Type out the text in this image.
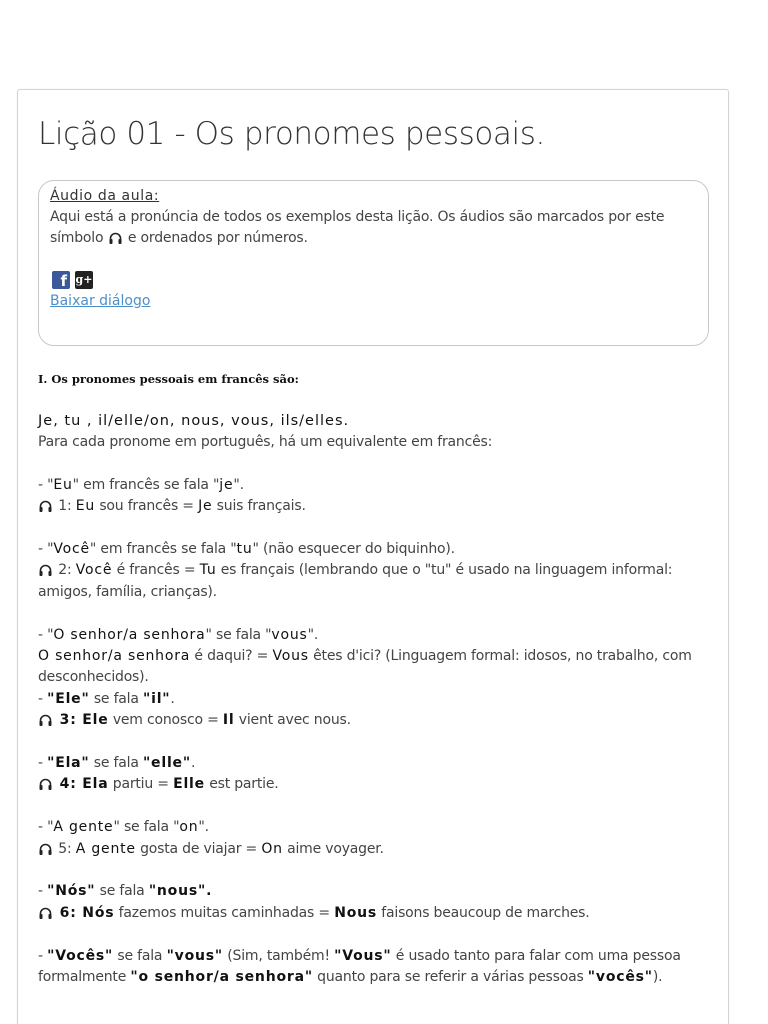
Lição 01 - Os pronomes pessoais.
Áudio da aula:
Aqui está a pronúncia de todos os exemplos desta lição. Os áudios são marcados por este símbolo e ordenados por números.
f g+
Baixar diálogo
I. Os pronomes pessoais em francês são:
Je, tu , il/elle/on, nous, vous, ils/elles.
Para cada pronome em português, há um equivalente em francês:
- "Eu" em francês se fala "je".
1: Eu sou francês = Je suis français.
- "Você" em francês se fala "tu" (não esquecer do biquinho).
2: Você é francês = Tu es français (lembrando que o "tu" é usado na linguagem informal: amigos, família, crianças).
- "O senhor/a senhora" se fala "vous".
O senhor/a senhora é daqui? = Vous êtes d'ici? (Linguagem formal: idosos, no trabalho, com desconhecidos).
- "Ele" se fala "il".
3: Ele vem conosco = Il vient avec nous.
- "Ela" se fala "elle".
4: Ela partiu = Elle est partie.
- "A gente" se fala "on".
5: A gente gosta de viajar = On aime voyager.
- "Nós" se fala "nous".
6: Nós fazemos muitas caminhadas = Nous faisons beaucoup de marches.
- "Vocês" se fala "vous" (Sim, também! "Vous" é usado tanto para falar com uma pessoa formalmente "o senhor/a senhora" quanto para se referir a várias pessoas "vocês").
